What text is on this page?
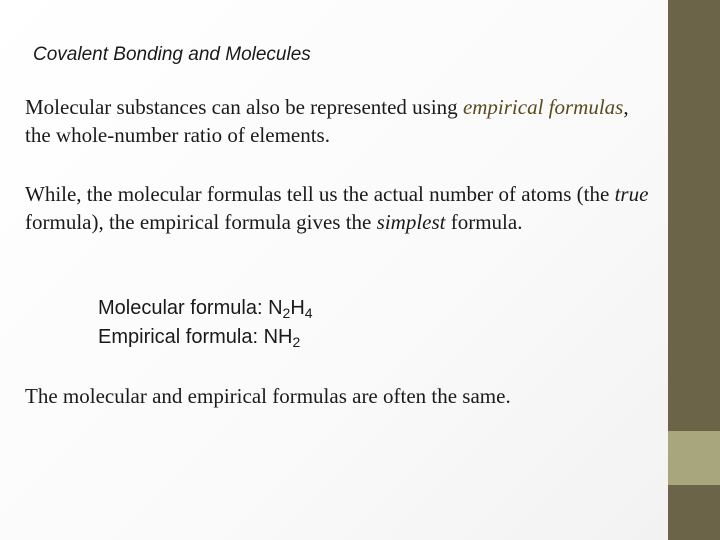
Covalent Bonding and Molecules
Molecular substances can also be represented using empirical formulas, the whole-number ratio of elements.
While, the molecular formulas tell us the actual number of atoms (the true formula), the empirical formula gives the simplest formula.
Molecular formula: $N_2H_4$
Empirical formula: $NH_2$
The molecular and empirical formulas are often the same.
